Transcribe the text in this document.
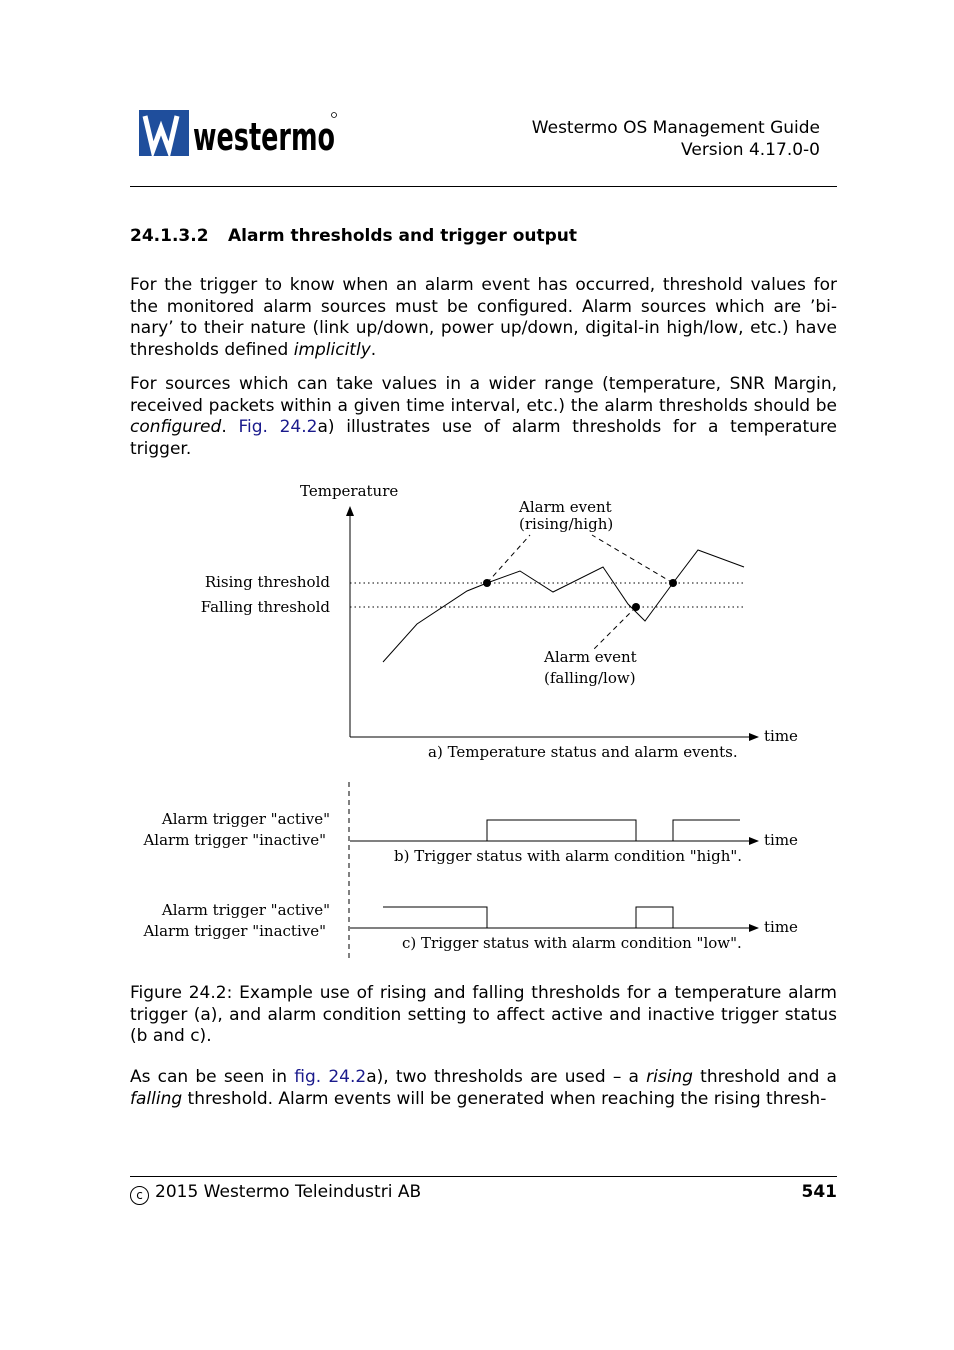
westermo	Westermo OS Management Guide
Version 4.17.0-0
24.1.3.2 Alarm thresholds and trigger output
For the trigger to know when an alarm event has occurred, threshold values for the monitored alarm sources must be configured. Alarm sources which are ’bi-nary’ to their nature (link up/down, power up/down, digital-in high/low, etc.) have thresholds defined implicitly.
For sources which can take values in a wider range (temperature, SNR Margin, received packets within a given time interval, etc.) the alarm thresholds should be configured. Fig. 24.2a) illustrates use of alarm thresholds for a temperature trigger.
Temperature
time
Rising threshold
Falling threshold
Alarm event
(rising/high)
Alarm event
(falling/low)
a) Temperature status and alarm events.
Alarm trigger "active"
Alarm trigger "inactive"	time
b) Trigger status with alarm condition "high".
Alarm trigger "active"
Alarm trigger "inactive"	time
c) Trigger status with alarm condition "low".
Figure 24.2: Example use of rising and falling thresholds for a temperature alarm trigger (a), and alarm condition setting to affect active and inactive trigger status (b and c).
As can be seen in fig. 24.2a), two thresholds are used – a rising threshold and a falling threshold. Alarm events will be generated when reaching the rising thresh-
c 2015 Westermo Teleindustri AB	541
